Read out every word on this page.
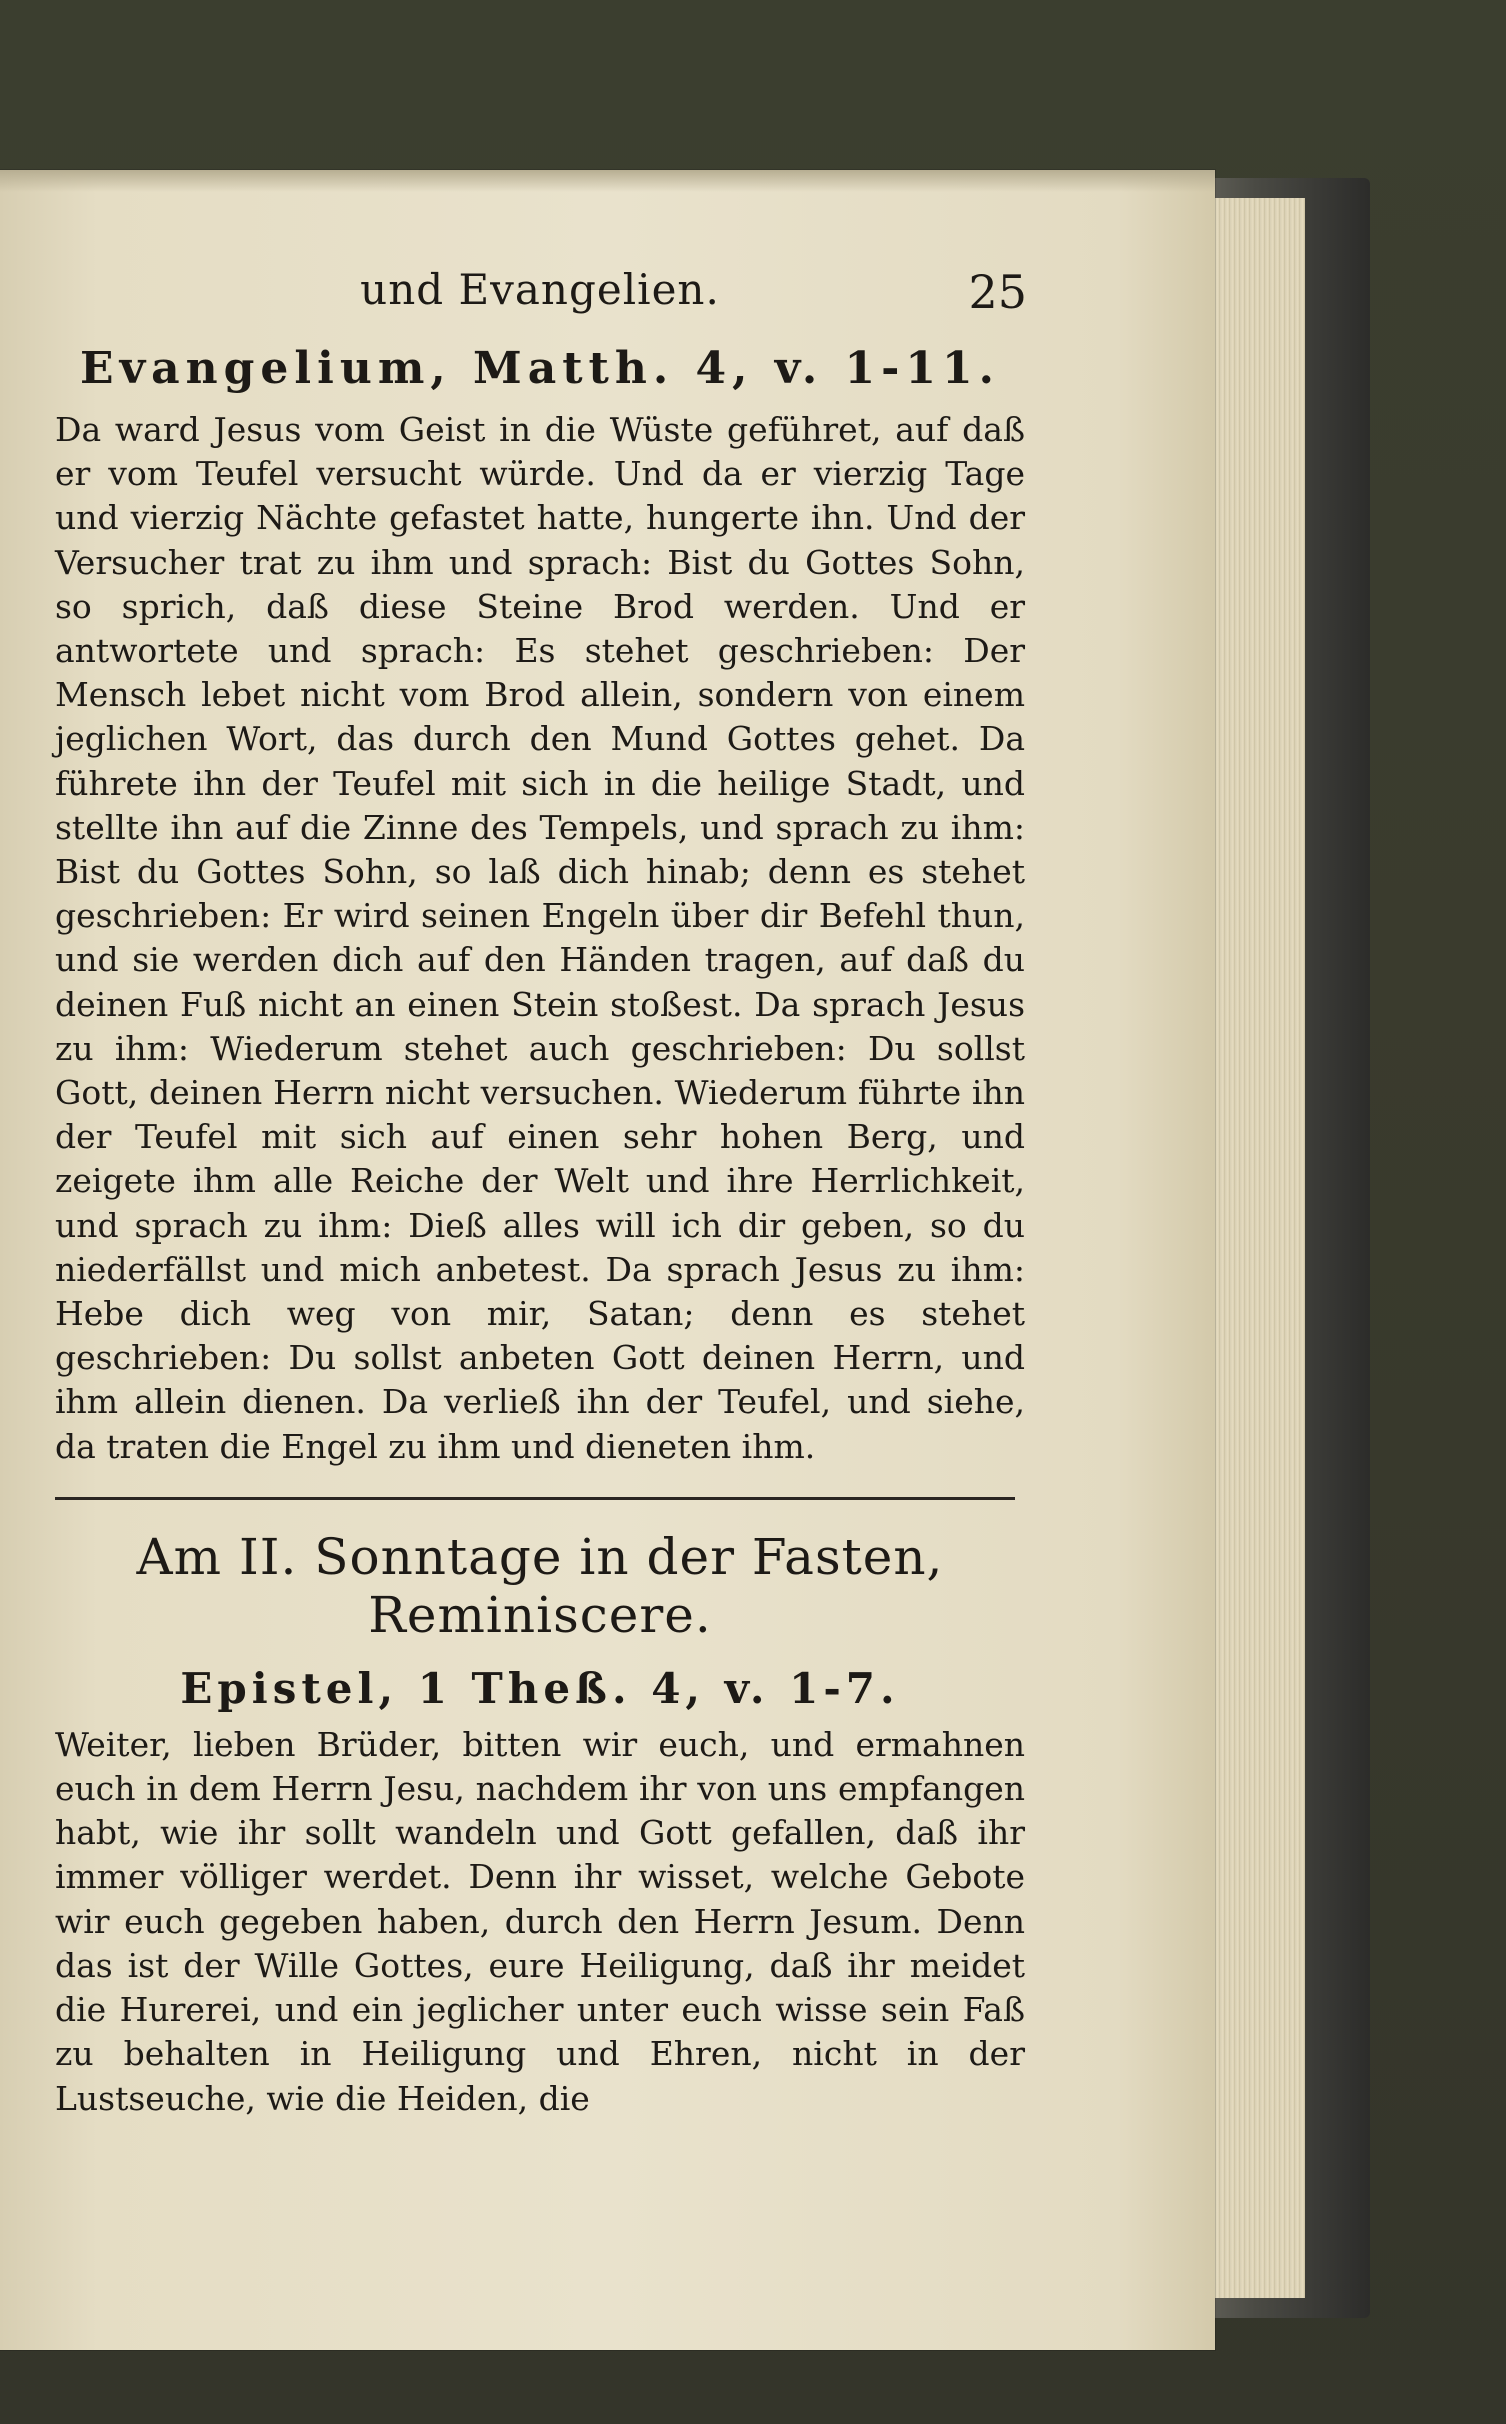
und Evangelien.	25
Evangelium, Matth. 4, v. 1-11.

Da ward Jesus vom Geist in die Wüste geführet, auf daß er vom Teufel versucht würde. Und da er vierzig Tage und vierzig Nächte gefastet hatte, hungerte ihn. Und der Versucher trat zu ihm und sprach: Bist du Gottes Sohn, so sprich, daß diese Steine Brod werden. Und er antwortete und sprach: Es stehet geschrieben: Der Mensch lebet nicht vom Brod allein, sondern von einem jeglichen Wort, das durch den Mund Gottes gehet. Da führete ihn der Teufel mit sich in die heilige Stadt, und stellte ihn auf die Zinne des Tempels, und sprach zu ihm: Bist du Gottes Sohn, so laß dich hinab; denn es stehet geschrieben: Er wird seinen Engeln über dir Befehl thun, und sie werden dich auf den Händen tragen, auf daß du deinen Fuß nicht an einen Stein stoßest. Da sprach Jesus zu ihm: Wiederum stehet auch geschrieben: Du sollst Gott, deinen Herrn nicht versuchen. Wiederum führte ihn der Teufel mit sich auf einen sehr hohen Berg, und zeigete ihm alle Reiche der Welt und ihre Herrlichkeit, und sprach zu ihm: Dieß alles will ich dir geben, so du niederfällst und mich anbetest. Da sprach Jesus zu ihm: Hebe dich weg von mir, Satan; denn es stehet geschrieben: Du sollst anbeten Gott deinen Herrn, und ihm allein dienen. Da verließ ihn der Teufel, und siehe, da traten die Engel zu ihm und dieneten ihm.

Am II. Sonntage in der Fasten, Reminiscere.
Epistel, 1 Theß. 4, v. 1-7.

Weiter, lieben Brüder, bitten wir euch, und ermahnen euch in dem Herrn Jesu, nachdem ihr von uns empfangen habt, wie ihr sollt wandeln und Gott gefallen, daß ihr immer völliger werdet. Denn ihr wisset, welche Gebote wir euch gegeben haben, durch den Herrn Jesum. Denn das ist der Wille Gottes, eure Heiligung, daß ihr meidet die Hurerei, und ein jeglicher unter euch wisse sein Faß zu behalten in Heiligung und Ehren, nicht in der Lustseuche, wie die Heiden, die
